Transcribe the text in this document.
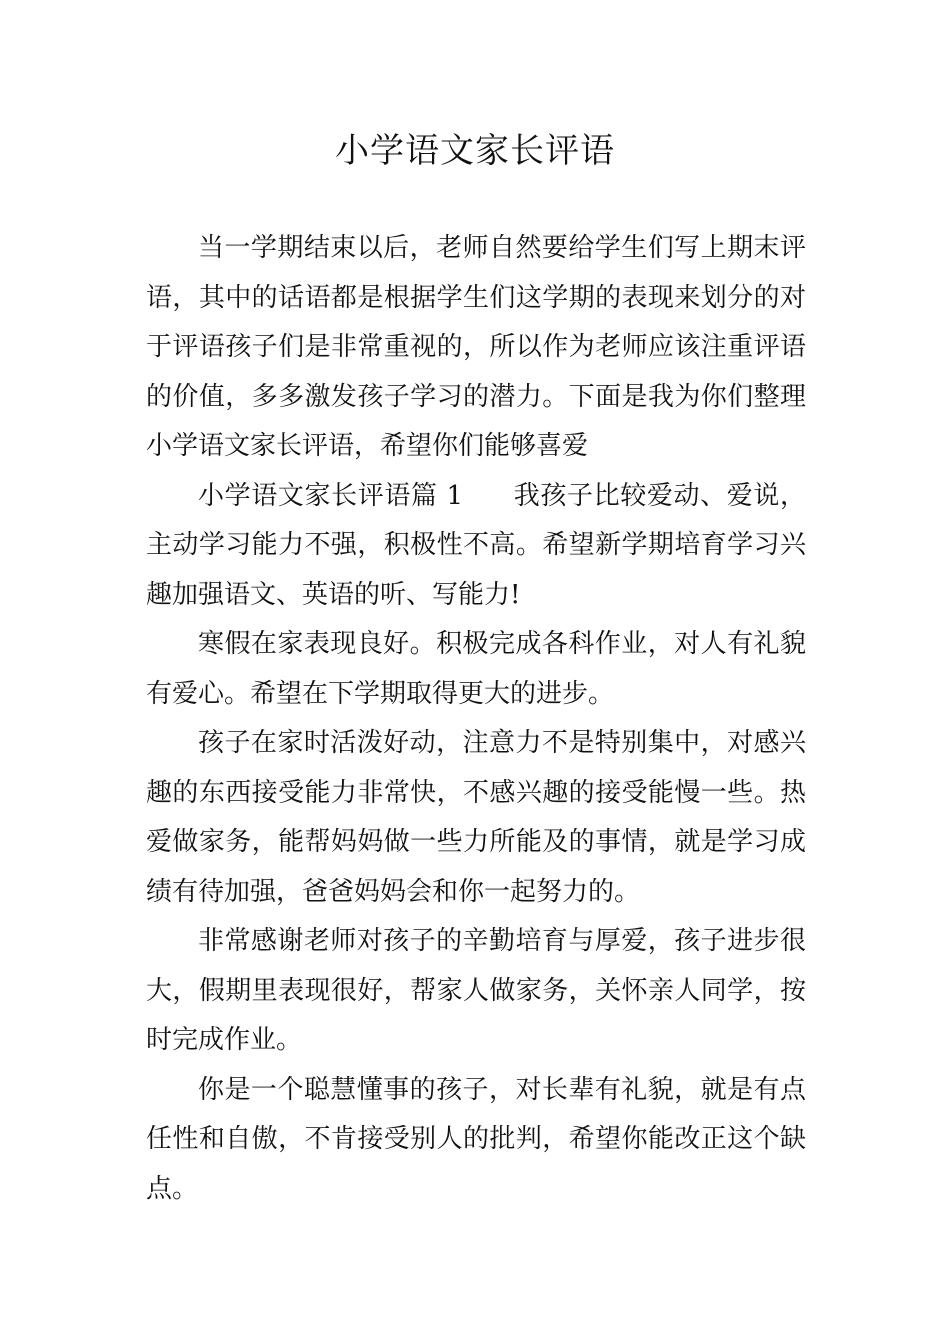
小学语文家长评语

当一学期结束以后，老师自然要给学生们写上期末评语，其中的话语都是根据学生们这学期的表现来划分的对于评语孩子们是非常重视的，所以作为老师应该注重评语的价值，多多激发孩子学习的潜力。下面是我为你们整理小学语文家长评语，希望你们能够喜爱

小学语文家长评语篇 1 我孩子比较爱动、爱说，主动学习能力不强，积极性不高。希望新学期培育学习兴趣加强语文、英语的听、写能力!

寒假在家表现良好。积极完成各科作业，对人有礼貌有爱心。希望在下学期取得更大的进步。

孩子在家时活泼好动，注意力不是特别集中，对感兴趣的东西接受能力非常快，不感兴趣的接受能慢一些。热爱做家务，能帮妈妈做一些力所能及的事情，就是学习成绩有待加强，爸爸妈妈会和你一起努力的。

非常感谢老师对孩子的辛勤培育与厚爱，孩子进步很大，假期里表现很好，帮家人做家务，关怀亲人同学，按时完成作业。

你是一个聪慧懂事的孩子，对长辈有礼貌，就是有点任性和自傲，不肯接受别人的批判，希望你能改正这个缺点。
